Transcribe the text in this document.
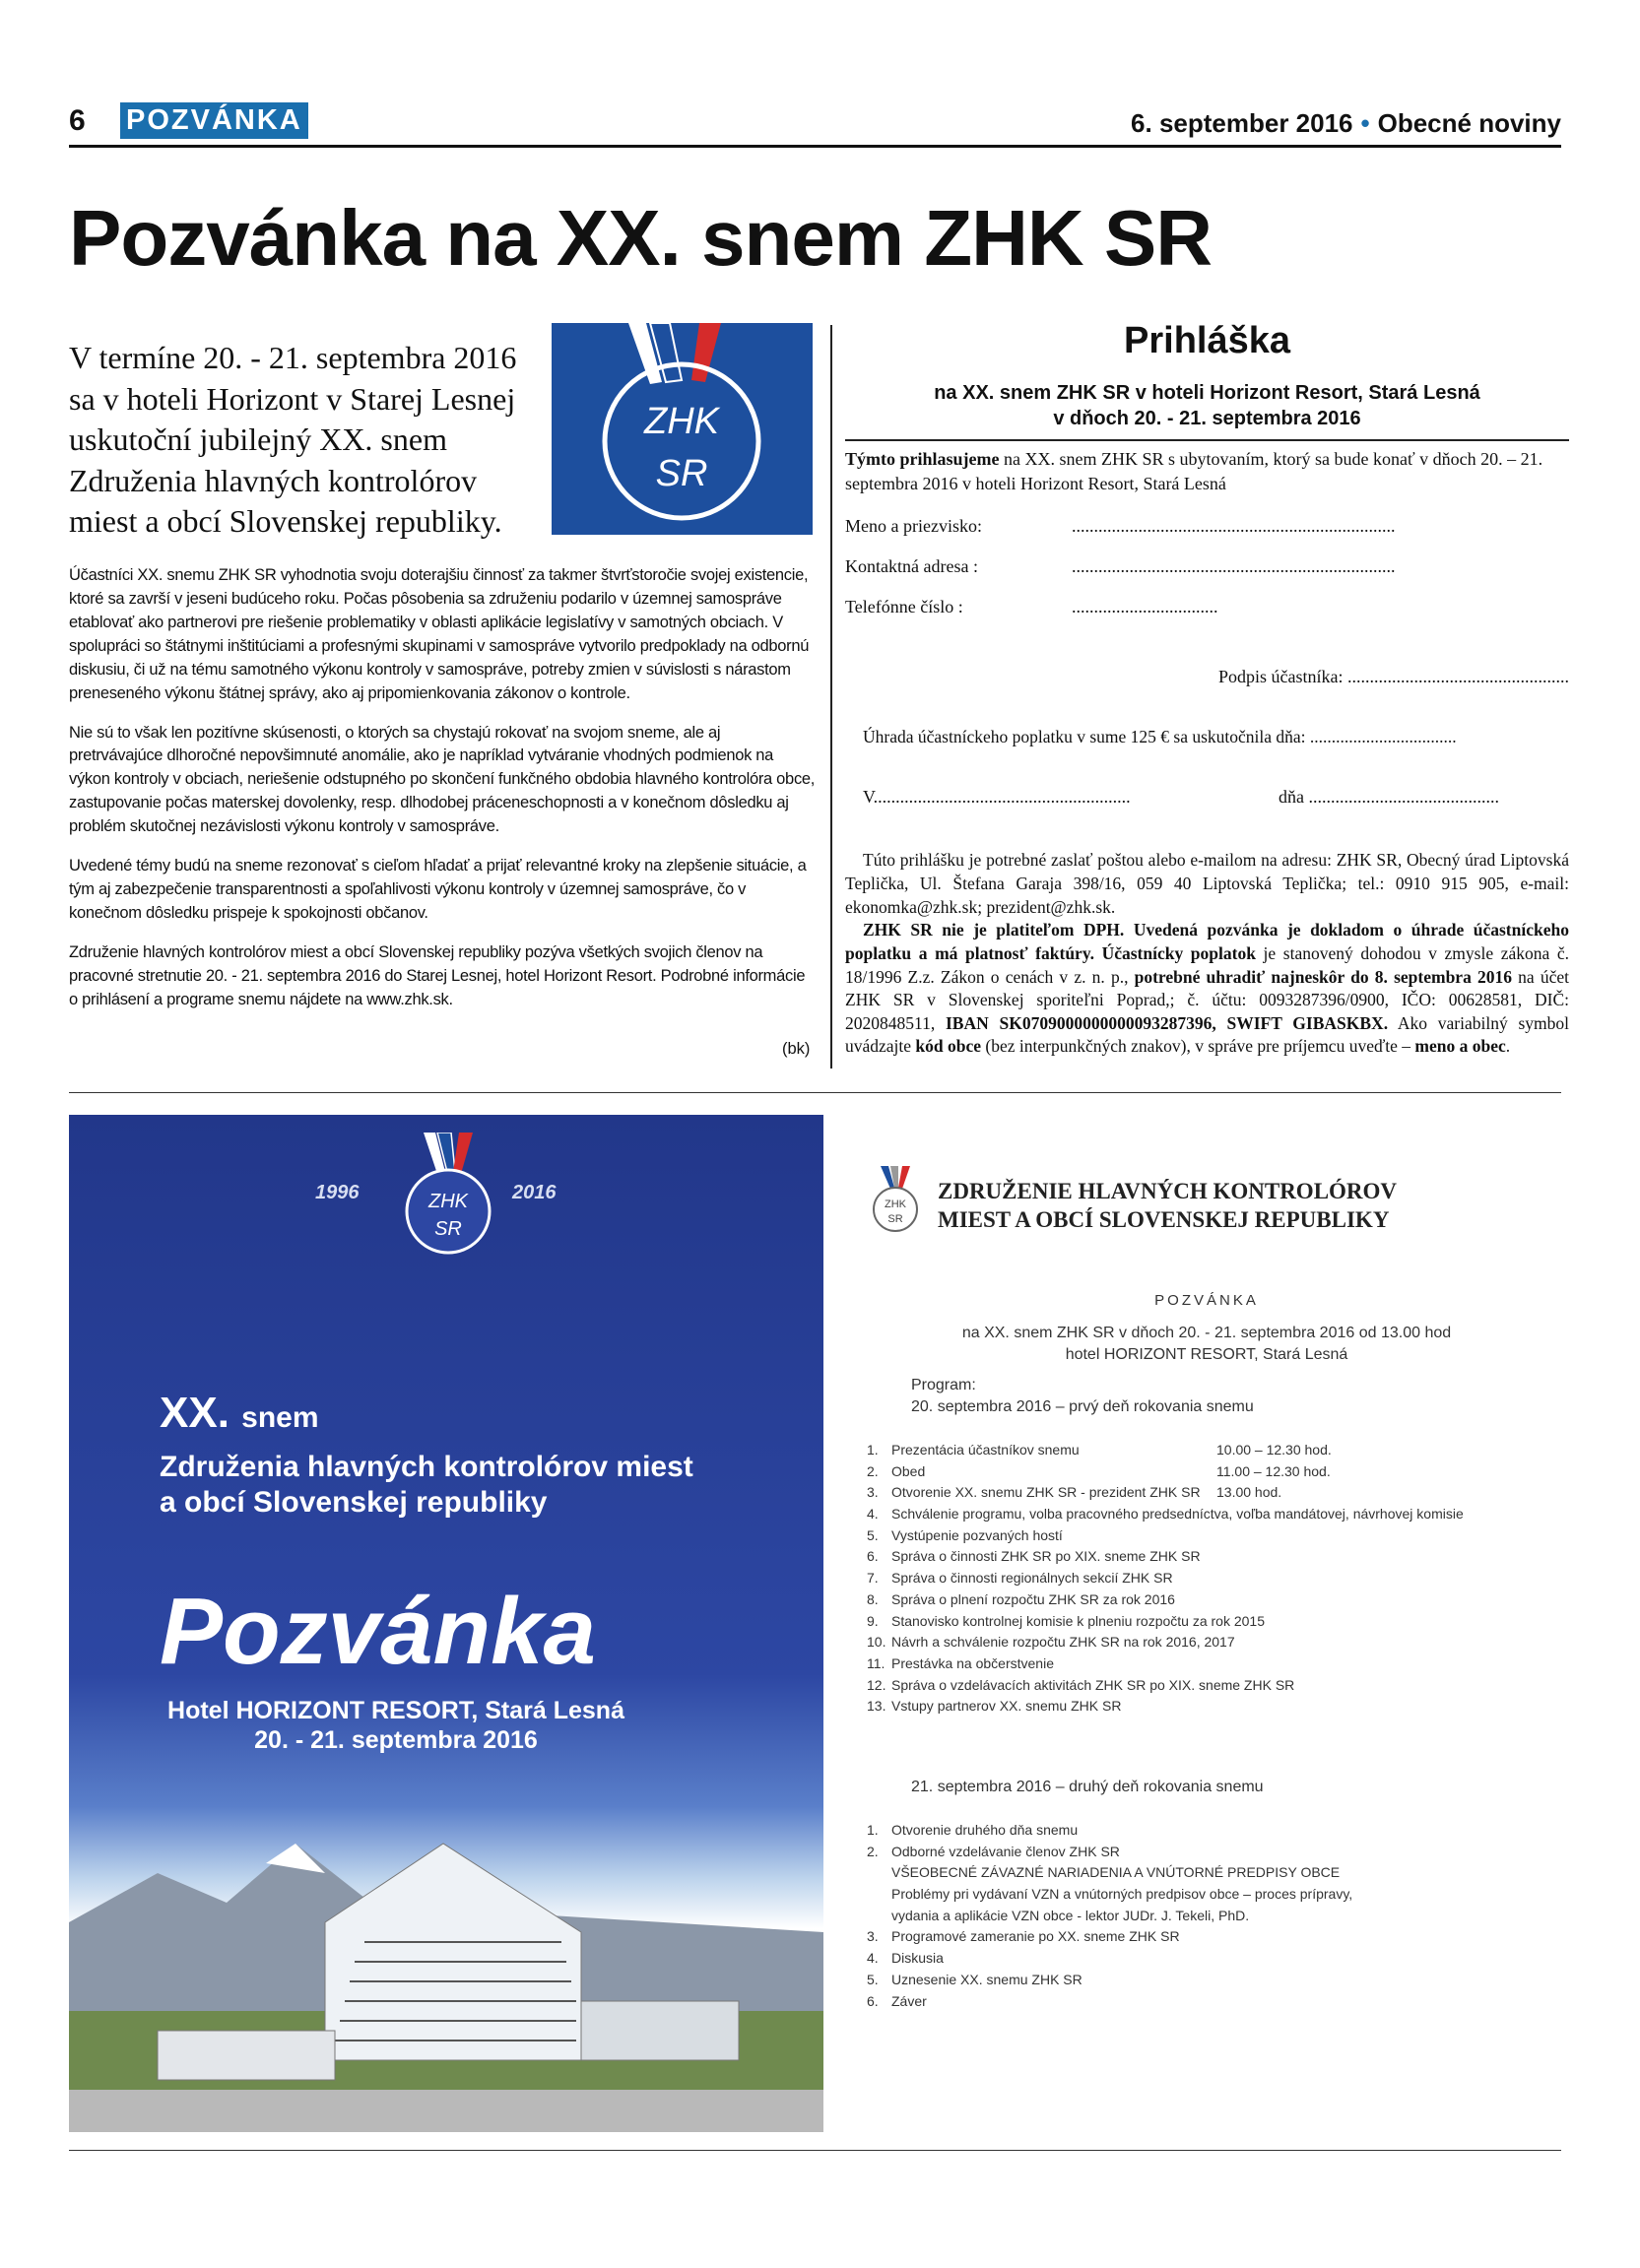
6 POZVÁNKA	6. september 2016 • Obecné noviny
Pozvánka na XX. snem ZHK SR

V termíne 20. - 21. septembra 2016 sa v hoteli Horizont v Starej Lesnej uskutoční jubilejný XX. snem Združenia hlavných kontrolórov miest a obcí Slovenskej republiky.

ZHK
SR

Účastníci XX. snemu ZHK SR vyhodnotia svoju doterajšiu činnosť za takmer štvrťstoročie svojej existencie, ktoré sa završí v jeseni budúceho roku. Počas pôsobenia sa združeniu podarilo v územnej samospráve etablovať ako partnerovi pre riešenie problematiky v oblasti aplikácie legislatívy v samotných obciach. V spolupráci so štátnymi inštitúciami a profesnými skupinami v samospráve vytvorilo predpoklady na odbornú diskusiu, či už na tému samotného výkonu kontroly v samospráve, potreby zmien v súvislosti s nárastom preneseného výkonu štátnej správy, ako aj pripomienkovania zákonov o kontrole.

Nie sú to však len pozitívne skúsenosti, o ktorých sa chystajú rokovať na svojom sneme, ale aj pretrvávajúce dlhoročné nepovšimnuté anomálie, ako je napríklad vytváranie vhodných podmienok na výkon kontroly v obciach, neriešenie odstupného po skončení funkčného obdobia hlavného kontrolóra obce, zastupovanie počas materskej dovolenky, resp. dlhodobej práceneschopnosti a v konečnom dôsledku aj problém skutočnej nezávislosti výkonu kontroly v samospráve.

Uvedené témy budú na sneme rezonovať s cieľom hľadať a prijať relevantné kroky na zlepšenie situácie, a tým aj zabezpečenie transparentnosti a spoľahlivosti výkonu kontroly v územnej samospráve, čo v konečnom dôsledku prispeje k spokojnosti občanov.

Združenie hlavných kontrolórov miest a obcí Slovenskej republiky pozýva všetkých svojich členov na pracovné stretnutie 20. - 21. septembra 2016 do Starej Lesnej, hotel Horizont Resort. Podrobné informácie o prihlásení a programe snemu nájdete na www.zhk.sk.

(bk)
Prihláška
na XX. snem ZHK SR v hoteli Horizont Resort, Stará Lesná
v dňoch 20. - 21. septembra 2016

Týmto prihlasujeme na XX. snem ZHK SR s ubytovaním, ktorý sa bude konať v dňoch 20. – 21. septembra 2016 v hoteli Horizont Resort, Stará Lesná

Meno a priezvisko:	.........................................................................
Kontaktná adresa :	.........................................................................
Telefónne číslo :	.................................
Podpis účastníka: ..................................................
Úhrada účastníckeho poplatku v sume 125 € sa uskutočnila dňa: ..................................
V..........................................................	dňa ...........................................

Túto prihlášku je potrebné zaslať poštou alebo e-mailom na adresu: ZHK SR, Obecný úrad Liptovská Teplička, Ul. Štefana Garaja 398/16, 059 40 Liptovská Teplička; tel.: 0910 915 905, e-mail: ekonomka@zhk.sk; prezident@zhk.sk.

ZHK SR nie je platiteľom DPH. Uvedená pozvánka je dokladom o úhrade účastníckeho poplatku a má platnosť faktúry. Účastnícky poplatok je stanovený dohodou v zmysle zákona č. 18/1996 Z.z. Zákon o cenách v z. n. p., potrebné uhradiť najneskôr do 8. septembra 2016 na účet ZHK SR v Slovenskej sporiteľni Poprad,; č. účtu: 0093287396/0900, IČO: 00628581, DIČ: 2020848511, IBAN SK0709000000000093287396, SWIFT GIBASKBX. Ako variabilný symbol uvádzajte kód obce (bez interpunkčných znakov), v správe pre príjemcu uveďte – meno a obec.

ZHK
SR
1996	2016
XX. snem
Združenia hlavných kontrolórov miest
a obcí Slovenskej republiky
Pozvánka
Hotel HORIZONT RESORT, Stará Lesná
20. - 21. septembra 2016
ZHK
SR
ZDRUŽENIE HLAVNÝCH KONTROLÓROV
MIEST A OBCÍ SLOVENSKEJ REPUBLIKY
POZVÁNKA
na XX. snem ZHK SR v dňoch 20. - 21. septembra 2016 od 13.00 hod
hotel HORIZONT RESORT, Stará Lesná
Program:
20. septembra 2016 – prvý deň rokovania snemu
1. Prezentácia účastníkov snemu	10.00 – 12.30 hod.
2. Obed	11.00 – 12.30 hod.
3. Otvorenie XX. snemu ZHK SR - prezident ZHK SR 13.00 hod.
4. Schválenie programu, volba pracovného predsedníctva, voľba mandátovej, návrhovej komisie
5. Vystúpenie pozvaných hostí
6. Správa o činnosti ZHK SR po XIX. sneme ZHK SR
7. Správa o činnosti regionálnych sekcií ZHK SR
8. Správa o plnení rozpočtu ZHK SR za rok 2016
9. Stanovisko kontrolnej komisie k plneniu rozpočtu za rok 2015
10. Návrh a schválenie rozpočtu ZHK SR na rok 2016, 2017
11. Prestávka na občerstvenie
12. Správa o vzdelávacích aktivitách ZHK SR po XIX. sneme ZHK SR
13. Vstupy partnerov XX. snemu ZHK SR
21. septembra 2016 – druhý deň rokovania snemu
1. Otvorenie druhého dňa snemu
2. Odborné vzdelávanie členov ZHK SR
VŠEOBECNÉ ZÁVAZNÉ NARIADENIA A VNÚTORNÉ PREDPISY OBCE
Problémy pri vydávaní VZN a vnútorných predpisov obce – proces prípravy,
vydania a aplikácie VZN obce - lektor JUDr. J. Tekeli, PhD.
3. Programové zameranie po XX. sneme ZHK SR
4. Diskusia
5. Uznesenie XX. snemu ZHK SR
6. Záver
